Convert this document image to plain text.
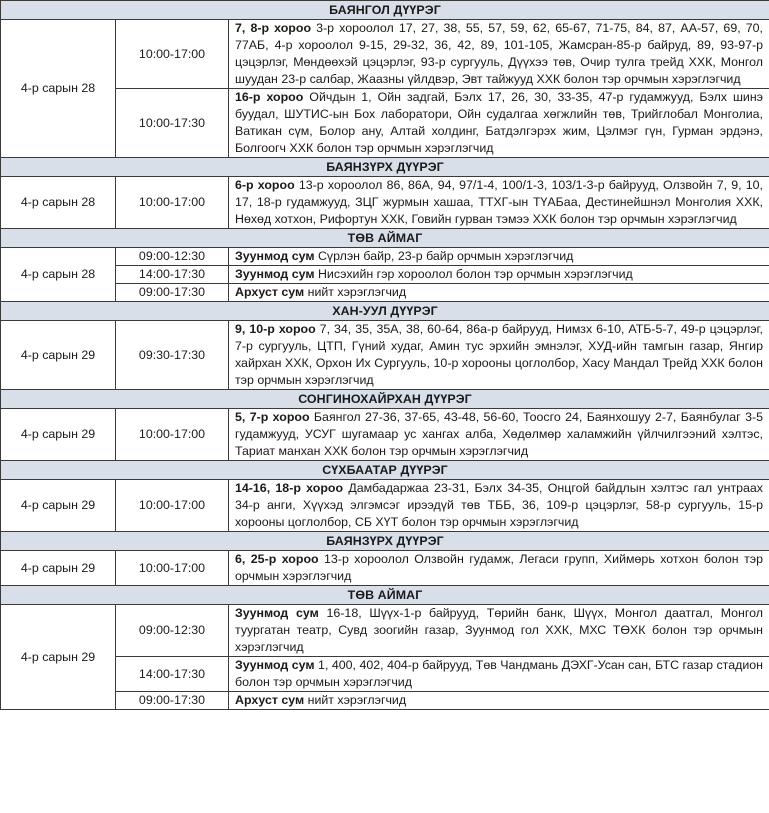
БАЯНГОЛ ДҮҮРЭГ		
4-р сарын 28	10:00-17:00	7, 8-р хороо 3-р хороолол 17, 27, 38, 55, 57, 59, 62, 65-67, 71-75, 84, 87, АА-57, 69, 70, 77АБ, 4-р хороолол 9-15, 29-32, 36, 42, 89, 101-105, Жамсран-85-р байруд, 89, 93-97-р цэцэрлэг, Мөндөөхэй цэцэрлэг, 93-р сургууль, Дүүхээ төв, Очир тулга трейд ХХК, Монгол шуудан 23-р салбар, Жаазны үйлдвэр, Эвт тайжууд ХХК болон тэр орчмын хэрэглэгчид
	10:00-17:30	16-р хороо Ойчдын 1, Ойн задгай, Бэлх 17, 26, 30, 33-35, 47-р гудамжууд, Бэлх шинэ буудал, ШУТИС-ын Бох лаборатори, Ойн судалгаа хөгжлийн төв, Трийглобал Монголиа, Ватикан сүм, Болор ану, Алтай холдинг, Батдэлгэрэх жим, Цэлмэг гүн, Гурман эрдэнэ, Болгоогч ХХК болон тэр орчмын хэрэглэгчид
БАЯНЗҮРХ ДҮҮРЭГ		
4-р сарын 28	10:00-17:00	6-р хороо 13-р хороолол 86, 86А, 94, 97/1-4, 100/1-3, 103/1-3-р байрууд, Олзвойн 7, 9, 10, 17, 18-р гудамжууд, ЗЦГ журмын хашаа, ТТХГ-ын ТҮАБаа, Дестинейшнэл Монголия ХХК, Нөхөд хотхон, Рифортун ХХК, Говийн гурван тэмээ ХХК болон тэр орчмын хэрэглэгчид
ТӨВ АЙМАГ		
4-р сарын 28	09:00-12:30	Зуунмод сум Сүрлэн байр, 23-р байр орчмын хэрэглэгчид
	14:00-17:30	Зуунмод сум Нисэхийн гэр хороолол болон тэр орчмын хэрэглэгчид
	09:00-17:30	Архуст сум нийт хэрэглэгчид
ХАН-УУЛ ДҮҮРЭГ		
4-р сарын 29	09:30-17:30	9, 10-р хороо 7, 34, 35, 35А, 38, 60-64, 86а-р байрууд, Нимзх 6-10, АТБ-5-7, 49-р цэцэрлэг, 7-р сургууль, ЦТП, Гүний худаг, Амин тус эрхийн эмнэлэг, ХУД-ийн тамгын газар, Янгир хайрхан ХХК, Орхон Их Сургууль, 10-р хорооны цоглолбор, Хасу Мандал Трейд ХХК болон тэр орчмын хэрэглэгчид
СОНГИНОХАЙРХАН ДҮҮРЭГ		
4-р сарын 29	10:00-17:00	5, 7-р хороо Баянгол 27-36, 37-65, 43-48, 56-60, Тоосго 24, Баянхошуу 2-7, Баянбулаг 3-5 гудамжууд, УСУГ шугамаар ус хангах алба, Хөдөлмөр халамжийн үйлчилгээний хэлтэс, Тариат манхан ХХК болон тэр орчмын хэрэглэгчид
СҮХБААТАР ДҮҮРЭГ		
4-р сарын 29	10:00-17:00	14-16, 18-р хороо Дамбадаржаа 23-31, Бэлх 34-35, Онцгой байдлын хэлтэс гал унтраах 34-р анги, Хүүхэд элгэмсэг ирээдүй төв ТББ, 36, 109-р цэцэрлэг, 58-р сургууль, 15-р хорооны цоглолбор, СБ ХҮТ болон тэр орчмын хэрэглэгчид
БАЯНЗҮРХ ДҮҮРЭГ		
4-р сарын 29	10:00-17:00	6, 25-р хороо 13-р хороолол Олзвойн гудамж, Легаси групп, Хиймөрь хотхон болон тэр орчмын хэрэглэгчид
ТӨВ АЙМАГ		
4-р сарын 29	09:00-12:30	Зуунмод сум 16-18, Шүүх-1-р байрууд, Төрийн банк, Шүүх, Монгол даатгал, Монгол туургатан театр, Сувд зоогийн газар, Зуунмод гол ХХК, МХС ТӨХК болон тэр орчмын хэрэглэгчид
	14:00-17:30	Зуунмод сум 1, 400, 402, 404-р байрууд, Төв Чандмань ДЭХГ-Усан сан, БТС газар стадион болон тэр орчмын хэрэглэгчид
	09:00-17:30	Архуст сум нийт хэрэглэгчид
